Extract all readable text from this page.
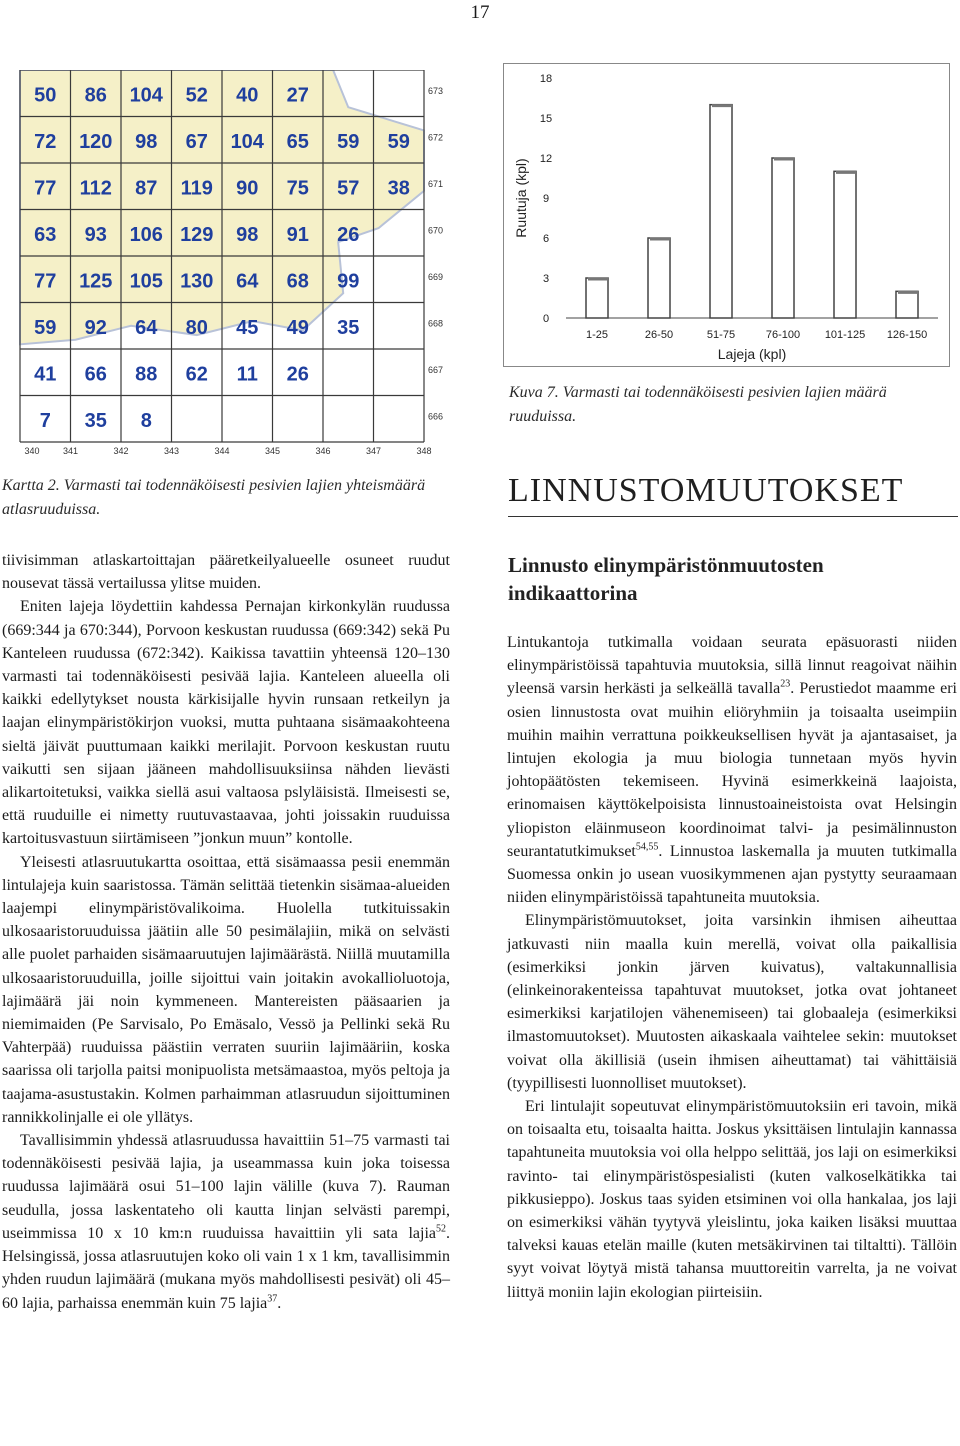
17
50 86 104 52 40 27
72 120 98 67 104 65 59 59
77 112 87 119 90 75 57 38
63 93 106 129 98 91 26
77 125 105 130 64 68 99
59 92 64 80 45 49 35
41 66 88 62 11 26
7 35 8
340	341	342	343	344	345	346	347	348
673
672
671
670
669
668
667
666
Ruutuja (kpl)
0
3
6
9
12
15
18
1-25	26-50	51-75	76-100 101-125 126-150
Lajeja (kpl)
Kuva 7. Varmasti tai todennäköisesti pesivien lajien määrä ruuduissa.
Kartta 2. Varmasti tai todennäköisesti pesivien lajien yhteismäärä atlasruuduissa.
LINNUSTOMUUTOKSET
Linnusto elinympäristönmuutosten indikaattorina

tiivisimman atlaskartoittajan pääretkeilyalueelle osuneet ruudut nousevat tässä vertailussa ylitse muiden.

Eniten lajeja löydettiin kahdessa Pernajan kirkonkylän ruudussa (669:344 ja 670:344), Porvoon keskustan ruudussa (669:342) sekä Pu Kanteleen ruudussa (672:342). Kaikissa tavattiin yhteensä 120–130 varmasti tai todennäköisesti pesivää lajia. Kanteleen alueella oli kaikki edellytykset nousta kärkisijalle hyvin runsaan retkeilyn ja laajan elinympäristökirjon vuoksi, mutta puhtaana sisämaakohteena sieltä jäivät puuttumaan kaikki merilajit. Porvoon keskustan ruutu vaikutti sen sijaan jääneen mahdollisuuksiinsa nähden lievästi alikartoitetuksi, vaikka siellä asui valtaosa pslyläisistä. Ilmeisesti se, että ruuduille ei nimetty ruutuvastaavaa, johti joissakin ruuduissa kartoitusvastuun siirtämiseen ”jonkun muun” kontolle.

Yleisesti atlasruutukartta osoittaa, että sisämaassa pesii enemmän lintulajeja kuin saaristossa. Tämän selittää tietenkin sisämaa-alueiden laajempi elinympäristövalikoima. Huolella tutkituissakin ulkosaaristoruuduissa jäätiin alle 50 pesimälajiin, mikä on selvästi alle puolet parhaiden sisämaaruutujen lajimäärästä. Niillä muutamilla ulkosaaristoruuduilla, joille sijoittui vain joitakin avokallioluotoja, lajimäärä jäi noin kymmeneen. Mantereisten pääsaarien ja niemimaiden (Pe Sarvisalo, Po Emäsalo, Vessö ja Pellinki sekä Ru Vahterpää) ruuduissa päästiin verraten suuriin lajimääriin, koska saarissa oli tarjolla paitsi monipuolista metsämaastoa, myös peltoja ja taajama-asustustakin. Kolmen parhaimman atlasruudun sijoittuminen rannikkolinjalle ei ole yllätys.

Tavallisimmin yhdessä atlasruudussa havaittiin 51–75 varmasti tai todennäköisesti pesivää lajia, ja useammassa kuin joka toisessa ruudussa lajimäärä osui 51–100 lajin välille (kuva 7). Rauman seudulla, jossa laskentateho oli kautta linjan selvästi parempi, useimmissa 10 x 10 km:n ruuduissa havaittiin yli sata lajia$^{52}$. Helsingissä, jossa atlasruutujen koko oli vain 1 x 1 km, tavallisimmin yhden ruudun lajimäärä (mukana myös mahdollisesti pesivät) oli 45–60 lajia, parhaissa enemmän kuin 75 lajia$^{37}$.

Lintukantoja tutkimalla voidaan seurata epäsuorasti niiden elinympäristöissä tapahtuvia muutoksia, sillä linnut reagoivat näihin yleensä varsin herkästi ja selkeällä tavalla$^{23}$. Perustiedot maamme eri osien linnustosta ovat muihin eliöryhmiin ja toisaalta useimpiin muihin maihin verrattuna poikkeuksellisen hyvät ja ajantasaiset, ja lintujen ekologia ja muu biologia tunnetaan myös hyvin johtopäätösten tekemiseen. Hyvinä esimerkkeinä laajoista, erinomaisen käyttökelpoisista linnustoaineistoista ovat Helsingin yliopiston eläinmuseon koordinoimat talvi- ja pesimälinnuston seurantatutkimukset$^{54,55}$. Linnustoa laskemalla ja muuten tutkimalla Suomessa onkin jo usean vuosikymmenen ajan pystytty seuraamaan niiden elinympäristöissä tapahtuneita muutoksia.

Elinympäristömuutokset, joita varsinkin ihmisen aiheuttaa jatkuvasti niin maalla kuin merellä, voivat olla paikallisia (esimerkiksi jonkin järven kuivatus), valtakunnallisia (elinkeinorakenteissa tapahtuvat muutokset, jotka ovat johtaneet esimerkiksi karjatilojen vähenemiseen) tai globaaleja (esimerkiksi ilmastomuutokset). Muutosten aikaskaala vaihtelee sekin: muutokset voivat olla äkillisiä (usein ihmisen aiheuttamat) tai vähittäisiä (tyypillisesti luonnolliset muutokset).

Eri lintulajit sopeutuvat elinympäristömuutoksiin eri tavoin, mikä on toisaalta etu, toisaalta haitta. Joskus yksittäisen lintulajin kannassa tapahtuneita muutoksia voi olla helppo selittää, jos laji on esimerkiksi ravinto- tai elinympäristöspesialisti (kuten valkoselkätikka tai pikkusieppo). Joskus taas syiden etsiminen voi olla hankalaa, jos laji on esimerkiksi vähän tyytyvä yleislintu, joka kaiken lisäksi muuttaa talveksi kauas etelän maille (kuten metsäkirvinen tai tiltaltti). Tällöin syyt voivat löytyä mistä tahansa muuttoreitin varrelta, ja ne voivat liittyä moniin lajin ekologian piirteisiin.
